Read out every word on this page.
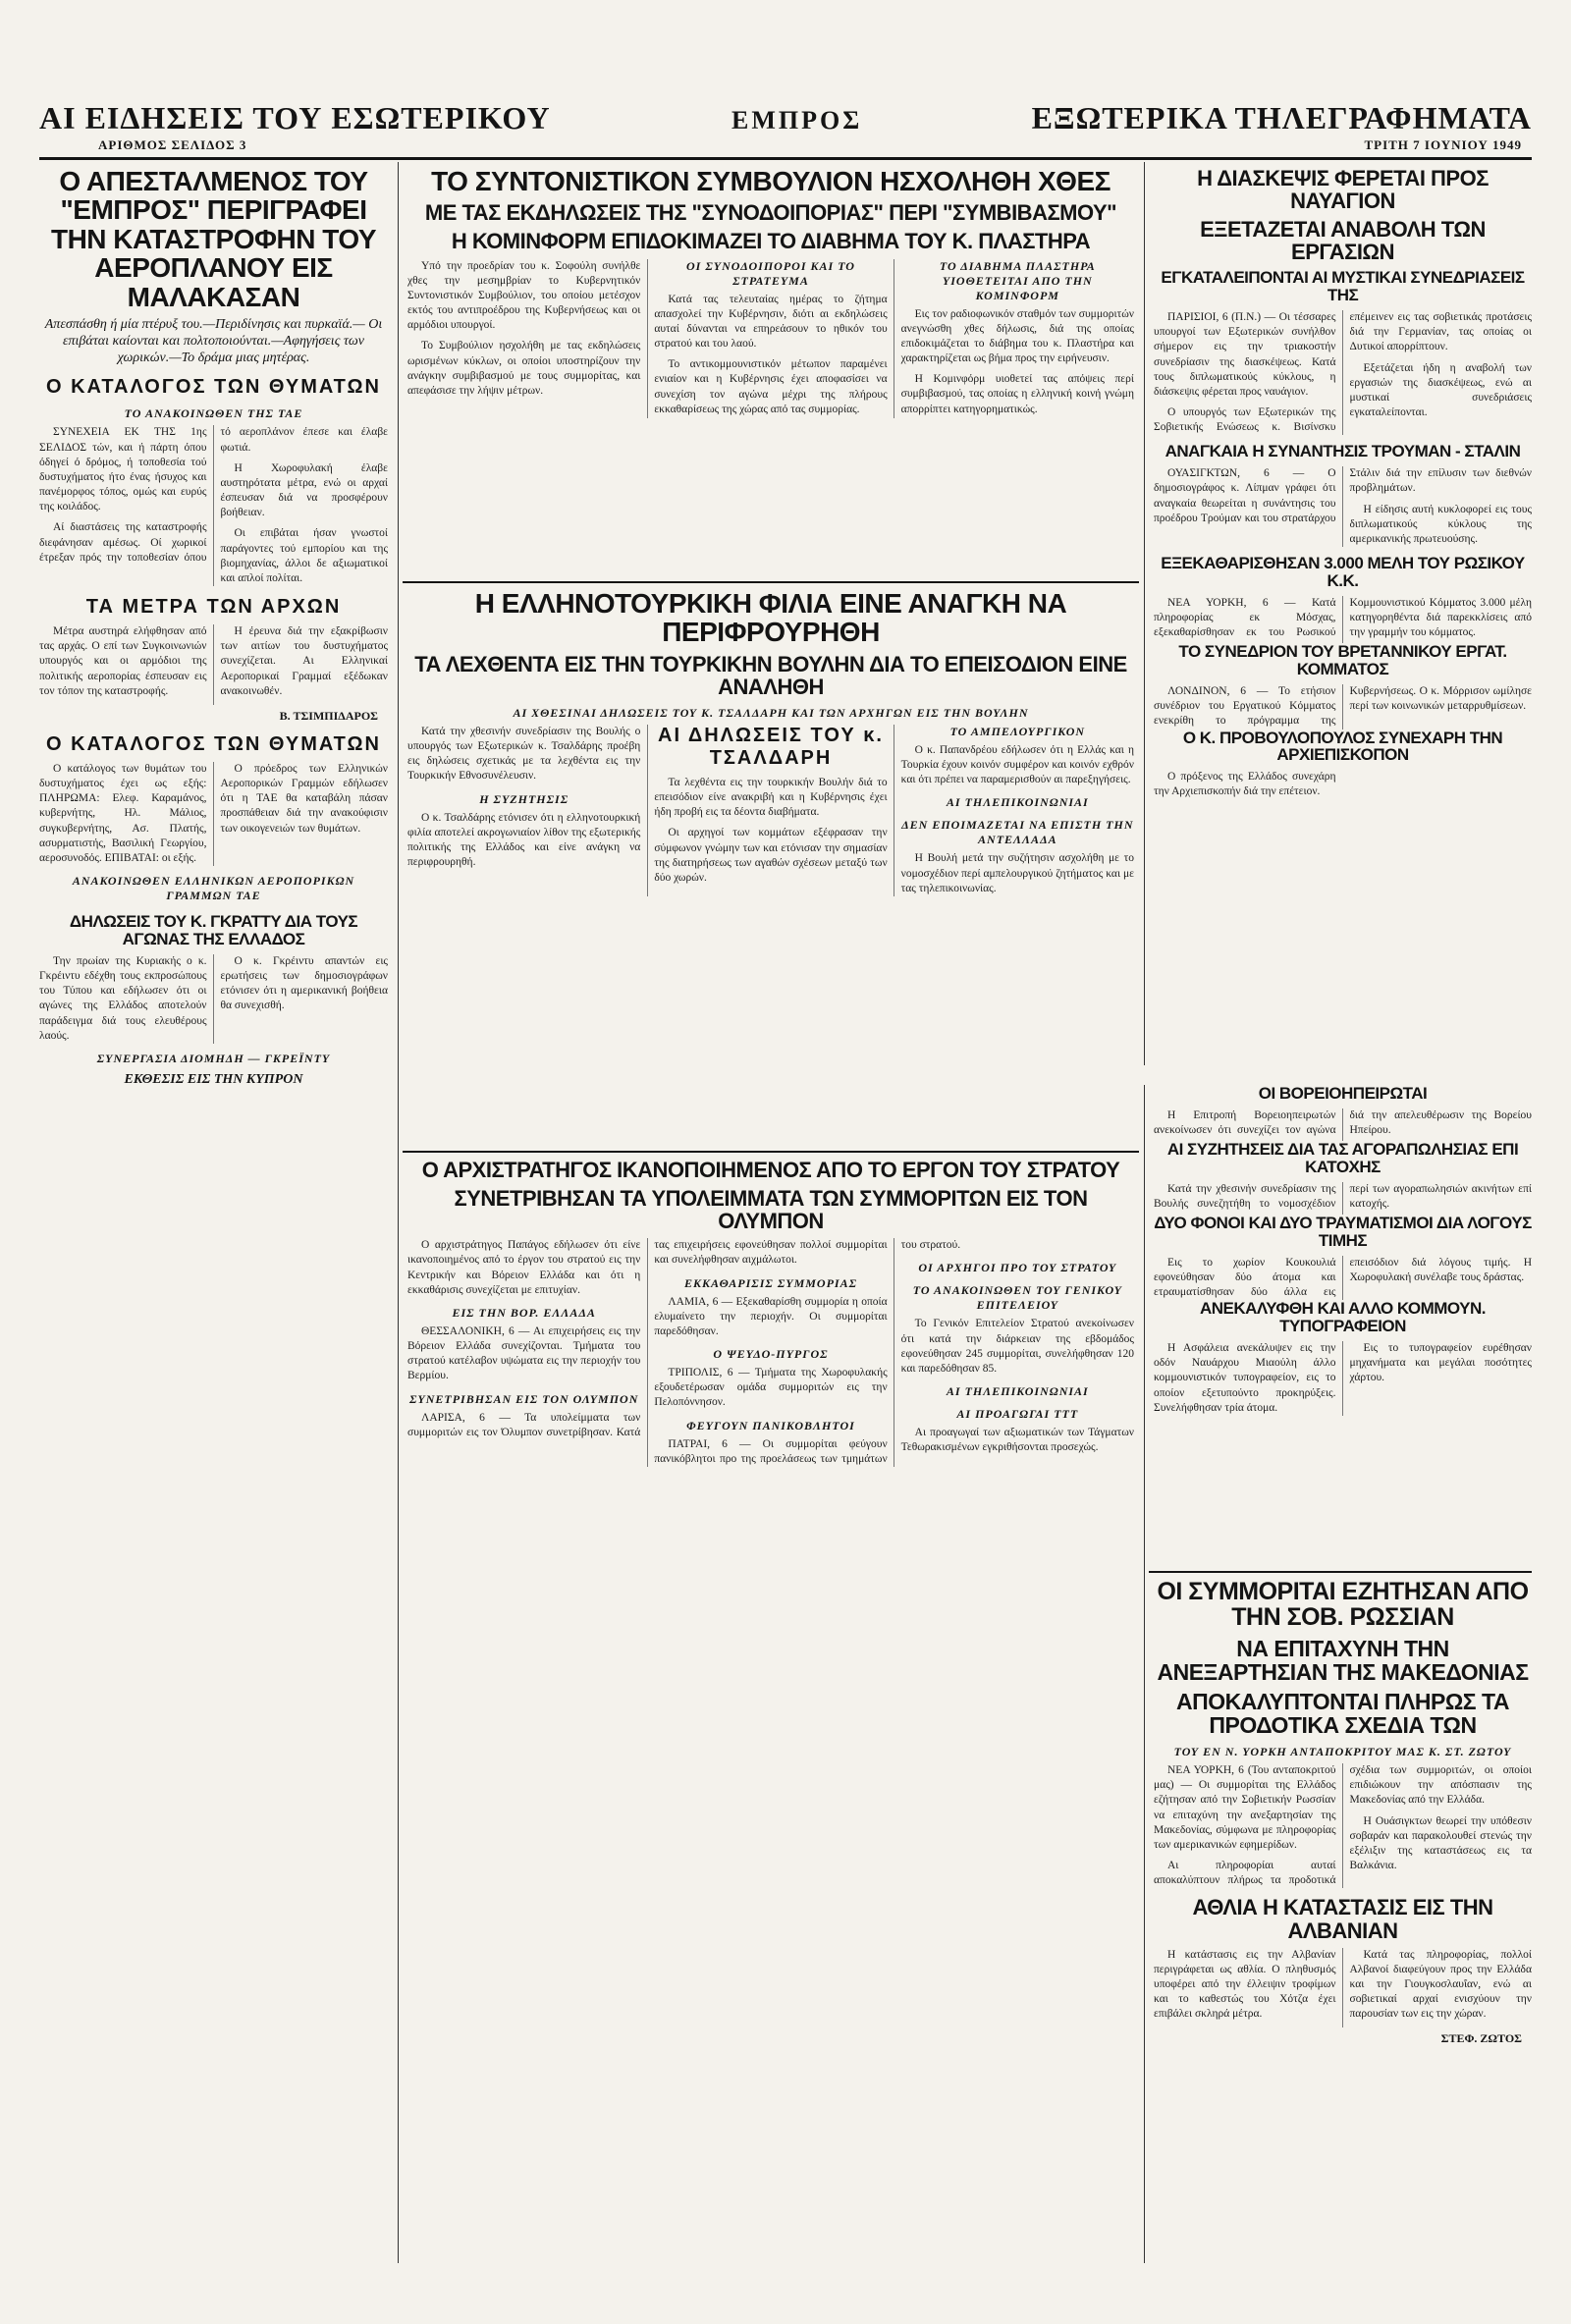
ΑΙ ΕΙΔΗΣΕΙΣ ΤΟΥ ΕΣΩΤΕΡΙΚΟΥ	ΕΜΠΡΟΣ	ΕΞΩΤΕΡΙΚΑ ΤΗΛΕΓΡΑΦΗΜΑΤΑ
ΑΡΙΘΜΟΣ ΣΕΛΙΔΟΣ 3	ΤΡΙΤΗ 7 ΙΟΥΝΙΟΥ 1949
Ο ΑΠΕΣΤΑΛΜΕΝΟΣ ΤΟΥ "ΕΜΠΡΟΣ" ΠΕΡΙΓΡΑΦΕΙ ΤΗΝ ΚΑΤΑΣΤΡΟΦΗΝ ΤΟΥ ΑΕΡΟΠΛΑΝΟΥ ΕΙΣ ΜΑΛΑΚΑΣΑΝ

Απεσπάσθη ή μία πτέρυξ του.—Περιδίνησις και πυρκαϊά.— Οι επιβάται καίονται και πολτοποιούνται.—Αφηγήσεις των χωρικών.—Το δράμα μιας μητέρας.

Ο ΚΑΤΑΛΟΓΟΣ ΤΩΝ ΘΥΜΑΤΩΝ
ΤΟ ΑΝΑΚΟΙΝΩΘΕΝ ΤΗΣ ΤΑΕ

ΣΥΝΕΧΕΙΑ ΕΚ ΤΗΣ 1ης ΣΕΛΙΔΟΣ τών, και ή πάρτη όπου όδηγεί ό δρόμος, ή τοποθεσία τού δυστυχήματος ήτο ένας ήσυχος και πανέμορφος τόπος, ομώς και ευρύς της κοιλάδος.

Αί διαστάσεις της καταστροφής διεφάνησαν αμέσως. Οί χωρικοί έτρεξαν πρός την τοποθεσίαν όπου τό αεροπλάνον έπεσε και έλαβε φωτιά.

Η Χωροφυλακή έλαβε αυστηρότατα μέτρα, ενώ οι αρχαί έσπευσαν διά να προσφέρουν βοήθειαν.

Οι επιβάται ήσαν γνωστοί παράγοντες τού εμπορίου και της βιομηχανίας, άλλοι δε αξιωματικοί και απλοί πολίται.

ΤΑ ΜΕΤΡΑ ΤΩΝ ΑΡΧΩΝ

Μέτρα αυστηρά ελήφθησαν από τας αρχάς. Ο επί των Συγκοινωνιών υπουργός και οι αρμόδιοι της πολιτικής αεροπορίας έσπευσαν εις τον τόπον της καταστροφής.

Η έρευνα διά την εξακρίβωσιν των αιτίων του δυστυχήματος συνεχίζεται. Αι Ελληνικαί Αεροπορικαί Γραμμαί εξέδωκαν ανακοινωθέν.

Β. ΤΣΙΜΠΙΔΑΡΟΣ
Ο ΚΑΤΑΛΟΓΟΣ ΤΩΝ ΘΥΜΑΤΩΝ

Ο κατάλογος των θυμάτων του δυστυχήματος έχει ως εξής: ΠΛΗΡΩΜΑ: Ελεφ. Καραμάνος, κυβερνήτης, Ηλ. Μάλιος, συγκυβερνήτης, Ασ. Πλατής, ασυρματιστής, Βασιλική Γεωργίου, αεροσυνοδός. ΕΠΙΒΑΤΑΙ: οι εξής.

Ο πρόεδρος των Ελληνικών Αεροπορικών Γραμμών εδήλωσεν ότι η ΤΑΕ θα καταβάλη πάσαν προσπάθειαν διά την ανακούφισιν των οικογενειών των θυμάτων.

ΑΝΑΚΟΙΝΩΘΕΝ ΕΛΛΗΝΙΚΩΝ ΑΕΡΟΠΟΡΙΚΩΝ ΓΡΑΜΜΩΝ ΤΑΕ
ΔΗΛΩΣΕΙΣ ΤΟΥ Κ. ΓΚΡΑΤΤΥ ΔΙΑ ΤΟΥΣ ΑΓΩΝΑΣ ΤΗΣ ΕΛΛΑΔΟΣ

Την πρωίαν της Κυριακής ο κ. Γκρέιντυ εδέχθη τους εκπροσώπους του Τύπου και εδήλωσεν ότι οι αγώνες της Ελλάδος αποτελούν παράδειγμα διά τους ελευθέρους λαούς.

Ο κ. Γκρέιντυ απαντών εις ερωτήσεις των δημοσιογράφων ετόνισεν ότι η αμερικανική βοήθεια θα συνεχισθή.

ΣΥΝΕΡΓΑΣΙΑ ΔΙΟΜΗΔΗ — ΓΚΡΕΪΝΤΥ
ΕΚΘΕΣΙΣ ΕΙΣ ΤΗΝ ΚΥΠΡΟΝ
ΤΟ ΣΥΝΤΟΝΙΣΤΙΚΟΝ ΣΥΜΒΟΥΛΙΟΝ ΗΣΧΟΛΗΘΗ ΧΘΕΣ
ΜΕ ΤΑΣ ΕΚΔΗΛΩΣΕΙΣ ΤΗΣ "ΣΥΝΟΔΟΙΠΟΡΙΑΣ" ΠΕΡΙ "ΣΥΜΒΙΒΑΣΜΟΥ"
Η ΚΟΜΙΝΦΟΡΜ ΕΠΙΔΟΚΙΜΑΖΕΙ ΤΟ ΔΙΑΒΗΜΑ ΤΟΥ Κ. ΠΛΑΣΤΗΡΑ

Υπό την προεδρίαν του κ. Σοφούλη συνήλθε χθες την μεσημβρίαν το Κυβερνητικόν Συντονιστικόν Συμβούλιον, του οποίου μετέσχον εκτός του αντιπροέδρου της Κυβερνήσεως και οι αρμόδιοι υπουργοί.

Το Συμβούλιον ησχολήθη με τας εκδηλώσεις ωρισμένων κύκλων, οι οποίοι υποστηρίζουν την ανάγκην συμβιβασμού με τους συμμορίτας, και απεφάσισε την λήψιν μέτρων.

ΟΙ ΣΥΝΟΔΟΙΠΟΡΟΙ ΚΑΙ ΤΟ ΣΤΡΑΤΕΥΜΑ

Κατά τας τελευταίας ημέρας το ζήτημα απασχολεί την Κυβέρνησιν, διότι αι εκδηλώσεις αυταί δύνανται να επηρεάσουν το ηθικόν του στρατού και του λαού.

Το αντικομμουνιστικόν μέτωπον παραμένει ενιαίον και η Κυβέρνησις έχει αποφασίσει να συνεχίση τον αγώνα μέχρι της πλήρους εκκαθαρίσεως της χώρας από τας συμμορίας.

ΤΟ ΔΙΑΒΗΜΑ ΠΛΑΣΤΗΡΑ ΥΙΟΘΕΤΕΙΤΑΙ ΑΠΟ ΤΗΝ ΚΟΜΙΝΦΟΡΜ

Εις τον ραδιοφωνικόν σταθμόν των συμμοριτών ανεγνώσθη χθες δήλωσις, διά της οποίας επιδοκιμάζεται το διάβημα του κ. Πλαστήρα και χαρακτηρίζεται ως βήμα προς την ειρήνευσιν.

Η Κομινφόρμ υιοθετεί τας απόψεις περί συμβιβασμού, τας οποίας η ελληνική κοινή γνώμη απορρίπτει κατηγορηματικώς.

Η ΔΙΑΣΚΕΨΙΣ ΦΕΡΕΤΑΙ ΠΡΟΣ ΝΑΥΑΓΙΟΝ
ΕΞΕΤΑΖΕΤΑΙ ΑΝΑΒΟΛΗ ΤΩΝ ΕΡΓΑΣΙΩΝ
ΕΓΚΑΤΑΛΕΙΠΟΝΤΑΙ ΑΙ ΜΥΣΤΙΚΑΙ ΣΥΝΕΔΡΙΑΣΕΙΣ ΤΗΣ

ΠΑΡΙΣΙΟΙ, 6 (Π.Ν.) — Οι τέσσαρες υπουργοί των Εξωτερικών συνήλθον σήμερον εις την τριακοστήν συνεδρίασιν της διασκέψεως. Κατά τους διπλωματικούς κύκλους, η διάσκεψις φέρεται προς ναυάγιον.

Ο υπουργός των Εξωτερικών της Σοβιετικής Ενώσεως κ. Βισίνσκυ επέμεινεν εις τας σοβιετικάς προτάσεις διά την Γερμανίαν, τας οποίας οι Δυτικοί απορρίπτουν.

Εξετάζεται ήδη η αναβολή των εργασιών της διασκέψεως, ενώ αι μυστικαί συνεδριάσεις εγκαταλείπονται.

ΑΝΑΓΚΑΙΑ Η ΣΥΝΑΝΤΗΣΙΣ ΤΡΟΥΜΑΝ - ΣΤΑΛΙΝ

ΟΥΑΣΙΓΚΤΩΝ, 6 — Ο δημοσιογράφος κ. Λίπμαν γράφει ότι αναγκαία θεωρείται η συνάντησις του προέδρου Τρούμαν και του στρατάρχου Στάλιν διά την επίλυσιν των διεθνών προβλημάτων.

Η είδησις αυτή κυκλοφορεί εις τους διπλωματικούς κύκλους της αμερικανικής πρωτευούσης.

ΕΞΕΚΑΘΑΡΙΣΘΗΣΑΝ 3.000 ΜΕΛΗ ΤΟΥ ΡΩΣΙΚΟΥ Κ.Κ.

ΝΕΑ ΥΟΡΚΗ, 6 — Κατά πληροφορίας εκ Μόσχας, εξεκαθαρίσθησαν εκ του Ρωσικού Κομμουνιστικού Κόμματος 3.000 μέλη κατηγορηθέντα διά παρεκκλίσεις από την γραμμήν του κόμματος.

ΤΟ ΣΥΝΕΔΡΙΟΝ ΤΟΥ ΒΡΕΤΑΝΝΙΚΟΥ ΕΡΓΑΤ. ΚΟΜΜΑΤΟΣ

ΛΟΝΔΙΝΟΝ, 6 — Το ετήσιον συνέδριον του Εργατικού Κόμματος ενεκρίθη το πρόγραμμα της Κυβερνήσεως. Ο κ. Μόρρισον ωμίλησε περί των κοινωνικών μεταρρυθμίσεων.

Ο Κ. ΠΡΟΒΟΥΛΟΠΟΥΛΟΣ ΣΥΝΕΧΑΡΗ ΤΗΝ ΑΡΧΙΕΠΙΣΚΟΠΟΝ

Ο πρόξενος της Ελλάδος συνεχάρη την Αρχιεπισκοπήν διά την επέτειον.

Η ΕΛΛΗΝΟΤΟΥΡΚΙΚΗ ΦΙΛΙΑ ΕΙΝΕ ΑΝΑΓΚΗ ΝΑ ΠΕΡΙΦΡΟΥΡΗΘΗ
ΤΑ ΛΕΧΘΕΝΤΑ ΕΙΣ ΤΗΝ ΤΟΥΡΚΙΚΗΝ ΒΟΥΛΗΝ ΔΙΑ ΤΟ ΕΠΕΙΣΟΔΙΟΝ ΕΙΝΕ ΑΝΑΛΗΘΗ
ΑΙ ΧΘΕΣΙΝΑΙ ΔΗΛΩΣΕΙΣ ΤΟΥ Κ. ΤΣΑΛΔΑΡΗ ΚΑΙ ΤΩΝ ΑΡΧΗΓΩΝ ΕΙΣ ΤΗΝ ΒΟΥΛΗΝ

Κατά την χθεσινήν συνεδρίασιν της Βουλής ο υπουργός των Εξωτερικών κ. Τσαλδάρης προέβη εις δηλώσεις σχετικάς με τα λεχθέντα εις την Τουρκικήν Εθνοσυνέλευσιν.

Η ΣΥΖΗΤΗΣΙΣ

Ο κ. Τσαλδάρης ετόνισεν ότι η ελληνοτουρκική φιλία αποτελεί ακρογωνιαίον λίθον της εξωτερικής πολιτικής της Ελλάδος και είνε ανάγκη να περιφρουρηθή.

ΑΙ ΔΗΛΩΣΕΙΣ ΤΟΥ κ. ΤΣΑΛΔΑΡΗ

Τα λεχθέντα εις την τουρκικήν Βουλήν διά το επεισόδιον είνε ανακριβή και η Κυβέρνησις έχει ήδη προβή εις τα δέοντα διαβήματα.

Οι αρχηγοί των κομμάτων εξέφρασαν την σύμφωνον γνώμην των και ετόνισαν την σημασίαν της διατηρήσεως των αγαθών σχέσεων μεταξύ των δύο χωρών.

ΤΟ ΑΜΠΕΛΟΥΡΓΙΚΟΝ

Ο κ. Παπανδρέου εδήλωσεν ότι η Ελλάς και η Τουρκία έχουν κοινόν συμφέρον και κοινόν εχθρόν και ότι πρέπει να παραμερισθούν αι παρεξηγήσεις.

ΑΙ ΤΗΛΕΠΙΚΟΙΝΩΝΙΑΙ
ΔΕΝ ΕΠΟΙΜΑΖΕΤΑΙ ΝΑ ΕΠΙΣΤΗ ΤΗΝ ΑΝΤΕΛΛΑΔΑ

Η Βουλή μετά την συζήτησιν ασχολήθη με το νομοσχέδιον περί αμπελουργικού ζητήματος και με τας τηλεπικοινωνίας.

ΟΙ ΒΟΡΕΙΟΗΠΕΙΡΩΤΑΙ

Η Επιτροπή Βορειοηπειρωτών ανεκοίνωσεν ότι συνεχίζει τον αγώνα διά την απελευθέρωσιν της Βορείου Ηπείρου.

ΑΙ ΣΥΖΗΤΗΣΕΙΣ ΔΙΑ ΤΑΣ ΑΓΟΡΑΠΩΛΗΣΙΑΣ ΕΠΙ ΚΑΤΟΧΗΣ

Κατά την χθεσινήν συνεδρίασιν της Βουλής συνεζητήθη το νομοσχέδιον περί των αγοραπωλησιών ακινήτων επί κατοχής.

ΔΥΟ ΦΟΝΟΙ ΚΑΙ ΔΥΟ ΤΡΑΥΜΑΤΙΣΜΟΙ ΔΙΑ ΛΟΓΟΥΣ ΤΙΜΗΣ

Εις το χωρίον Κουκουλιά εφονεύθησαν δύο άτομα και ετραυματίσθησαν δύο άλλα εις επεισόδιον διά λόγους τιμής. Η Χωροφυλακή συνέλαβε τους δράστας.

ΑΝΕΚΑΛΥΦΘΗ ΚΑΙ ΑΛΛΟ ΚΟΜΜΟΥΝ. ΤΥΠΟΓΡΑΦΕΙΟΝ

Η Ασφάλεια ανεκάλυψεν εις την οδόν Ναυάρχου Μιαούλη άλλο κομμουνιστικόν τυπογραφείον, εις το οποίον εξετυπούντο προκηρύξεις. Συνελήφθησαν τρία άτομα.

Εις το τυπογραφείον ευρέθησαν μηχανήματα και μεγάλαι ποσότητες χάρτου.

Ο ΑΡΧΙΣΤΡΑΤΗΓΟΣ ΙΚΑΝΟΠΟΙΗΜΕΝΟΣ ΑΠΟ ΤΟ ΕΡΓΟΝ ΤΟΥ ΣΤΡΑΤΟΥ
ΣΥΝΕΤΡΙΒΗΣΑΝ ΤΑ ΥΠΟΛΕΙΜΜΑΤΑ ΤΩΝ ΣΥΜΜΟΡΙΤΩΝ ΕΙΣ ΤΟΝ ΟΛΥΜΠΟΝ

Ο αρχιστράτηγος Παπάγος εδήλωσεν ότι είνε ικανοποιημένος από το έργον του στρατού εις την Κεντρικήν και Βόρειον Ελλάδα και ότι η εκκαθάρισις συνεχίζεται με επιτυχίαν.

ΕΙΣ ΤΗΝ ΒΟΡ. ΕΛΛΑΔΑ

ΘΕΣΣΑΛΟΝΙΚΗ, 6 — Αι επιχειρήσεις εις την Βόρειον Ελλάδα συνεχίζονται. Τμήματα του στρατού κατέλαβον υψώματα εις την περιοχήν του Βερμίου.

ΣΥΝΕΤΡΙΒΗΣΑΝ ΕΙΣ ΤΟΝ ΟΛΥΜΠΟΝ

ΛΑΡΙΣΑ, 6 — Τα υπολείμματα των συμμοριτών εις τον Όλυμπον συνετρίβησαν. Κατά τας επιχειρήσεις εφονεύθησαν πολλοί συμμορίται και συνελήφθησαν αιχμάλωτοι.

ΕΚΚΑΘΑΡΙΣΙΣ ΣΥΜΜΟΡΙΑΣ

ΛΑΜΙΑ, 6 — Εξεκαθαρίσθη συμμορία η οποία ελυμαίνετο την περιοχήν. Οι συμμορίται παρεδόθησαν.

Ο ΨΕΥΔΟ-ΠΥΡΓΟΣ

ΤΡΙΠΟΛΙΣ, 6 — Τμήματα της Χωροφυλακής εξουδετέρωσαν ομάδα συμμοριτών εις την Πελοπόννησον.

ΦΕΥΓΟΥΝ ΠΑΝΙΚΟΒΛΗΤΟΙ

ΠΑΤΡΑΙ, 6 — Οι συμμορίται φεύγουν πανικόβλητοι προ της προελάσεως των τμημάτων του στρατού.

ΟΙ ΑΡΧΗΓΟΙ ΠΡΟ ΤΟΥ ΣΤΡΑΤΟΥ
ΤΟ ΑΝΑΚΟΙΝΩΘΕΝ ΤΟΥ ΓΕΝΙΚΟΥ ΕΠΙΤΕΛΕΙΟΥ

Το Γενικόν Επιτελείον Στρατού ανεκοίνωσεν ότι κατά την διάρκειαν της εβδομάδος εφονεύθησαν 245 συμμορίται, συνελήφθησαν 120 και παρεδόθησαν 85.

ΑΙ ΤΗΛΕΠΙΚΟΙΝΩΝΙΑΙ
ΑΙ ΠΡΟΑΓΩΓΑΙ ΤΤΤ

Αι προαγωγαί των αξιωματικών των Τάγματων Τεθωρακισμένων εγκριθήσονται προσεχώς.

ΟΙ ΣΥΜΜΟΡΙΤΑΙ ΕΖΗΤΗΣΑΝ ΑΠΟ ΤΗΝ ΣΟΒ. ΡΩΣΣΙΑΝ
ΝΑ ΕΠΙΤΑΧΥΝΗ ΤΗΝ ΑΝΕΞΑΡΤΗΣΙΑΝ ΤΗΣ ΜΑΚΕΔΟΝΙΑΣ
ΑΠΟΚΑΛΥΠΤΟΝΤΑΙ ΠΛΗΡΩΣ ΤΑ ΠΡΟΔΟΤΙΚΑ ΣΧΕΔΙΑ ΤΩΝ
ΤΟΥ ΕΝ Ν. ΥΟΡΚΗ ΑΝΤΑΠΟΚΡΙΤΟΥ ΜΑΣ Κ. ΣΤ. ΖΩΤΟΥ

ΝΕΑ ΥΟΡΚΗ, 6 (Του ανταποκριτού μας) — Οι συμμορίται της Ελλάδος εζήτησαν από την Σοβιετικήν Ρωσσίαν να επιταχύνη την ανεξαρτησίαν της Μακεδονίας, σύμφωνα με πληροφορίας των αμερικανικών εφημερίδων.

Αι πληροφορίαι αυταί αποκαλύπτουν πλήρως τα προδοτικά σχέδια των συμμοριτών, οι οποίοι επιδιώκουν την απόσπασιν της Μακεδονίας από την Ελλάδα.

Η Ουάσιγκτων θεωρεί την υπόθεσιν σοβαράν και παρακολουθεί στενώς την εξέλιξιν της καταστάσεως εις τα Βαλκάνια.

ΑΘΛΙΑ Η ΚΑΤΑΣΤΑΣΙΣ ΕΙΣ ΤΗΝ ΑΛΒΑΝΙΑΝ

Η κατάστασις εις την Αλβανίαν περιγράφεται ως αθλία. Ο πληθυσμός υποφέρει από την έλλειψιν τροφίμων και το καθεστώς του Χότζα έχει επιβάλει σκληρά μέτρα.

Κατά τας πληροφορίας, πολλοί Αλβανοί διαφεύγουν προς την Ελλάδα και την Γιουγκοσλαυΐαν, ενώ αι σοβιετικαί αρχαί ενισχύουν την παρουσίαν των εις την χώραν.

ΣΤΕΦ. ΖΩΤΟΣ
